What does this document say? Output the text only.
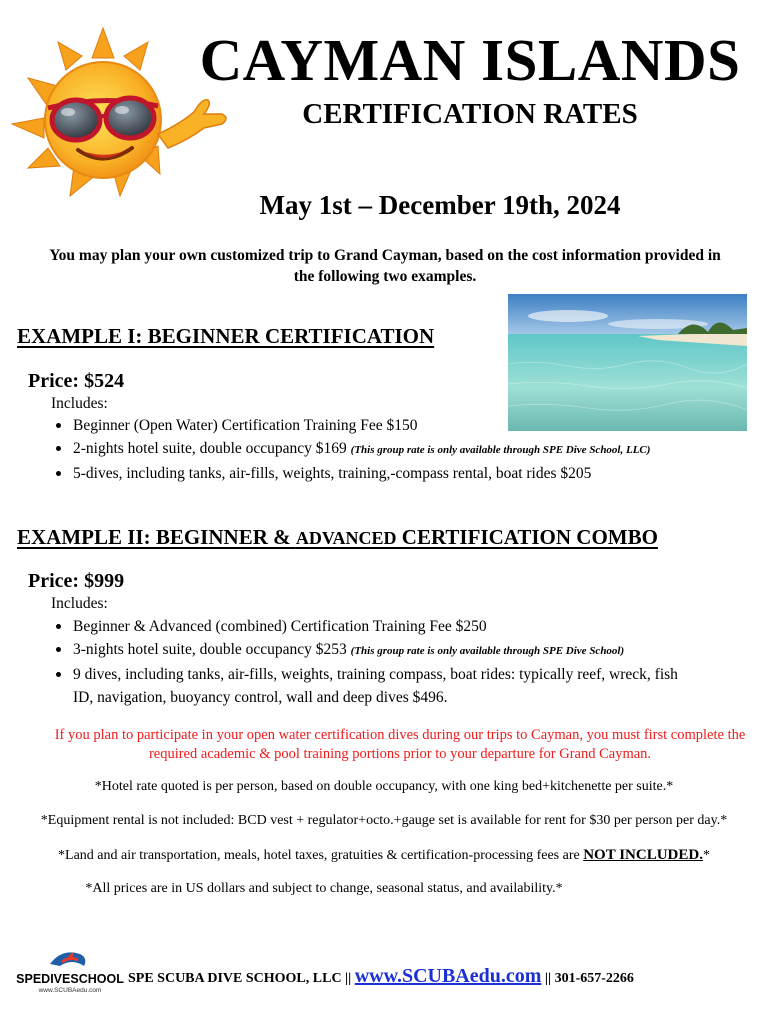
CAYMAN ISLANDS
CERTIFICATION RATES
May 1st – December 19th, 2024
You may plan your own customized trip to Grand Cayman, based on the cost information provided in the following two examples.
EXAMPLE I: BEGINNER CERTIFICATION
Price: $524
Includes:
Beginner (Open Water) Certification Training Fee $150
2-nights hotel suite, double occupancy $169 (This group rate is only available through SPE Dive School, LLC)
5-dives, including tanks, air-fills, weights, training,-compass rental, boat rides $205
EXAMPLE II: BEGINNER & ADVANCED CERTIFICATION COMBO
Price: $999
Includes:
Beginner & Advanced (combined) Certification Training Fee $250
3-nights hotel suite, double occupancy $253 (This group rate is only available through SPE Dive School)
9 dives, including tanks, air-fills, weights, training compass, boat rides: typically reef, wreck, fish ID, navigation, buoyancy control, wall and deep dives $496.
If you plan to participate in your open water certification dives during our trips to Cayman, you must first complete the required academic & pool training portions prior to your departure for Grand Cayman.
*Hotel rate quoted is per person, based on double occupancy, with one king bed+kitchenette per suite.*
*Equipment rental is not included: BCD vest + regulator+octo.+gauge set is available for rent for $30 per person per day.*
*Land and air transportation, meals, hotel taxes, gratuities & certification-processing fees are NOT INCLUDED.*
*All prices are in US dollars and subject to change, seasonal status, and availability.*
SPEDIVESCHOOL
www.SCUBAedu.com
SPE SCUBA DIVE SCHOOL, LLC || www.SCUBAedu.com || 301-657-2266
